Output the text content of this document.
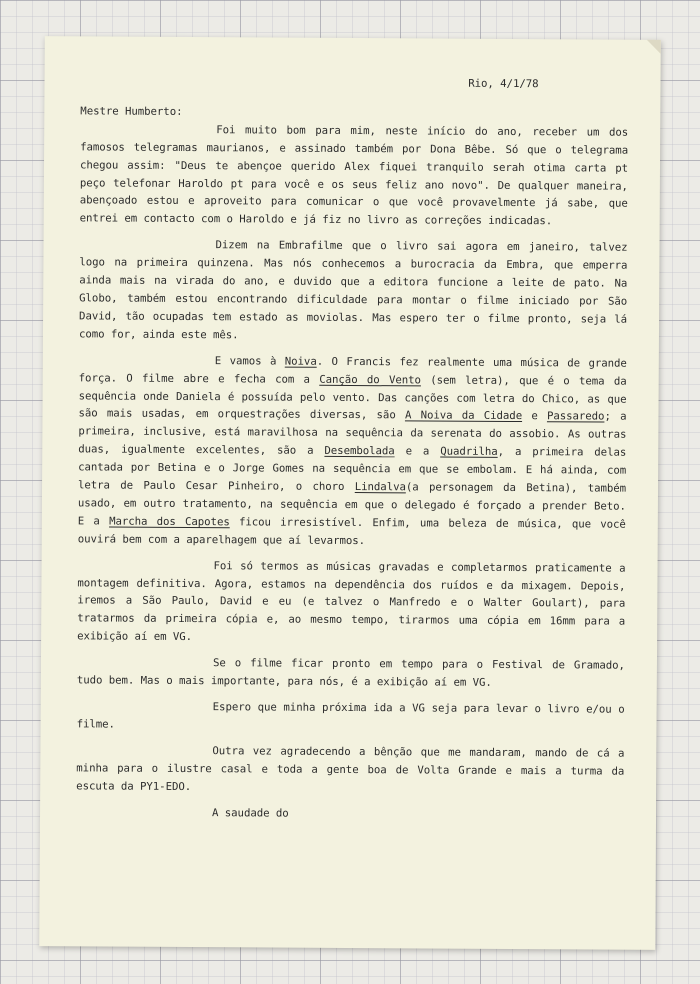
Rio, 4/1/78
Mestre Humberto:

Foi muito bom para mim, neste início do ano, receber um dos famosos telegramas maurianos, e assinado também por Dona Bêbe. Só que o telegrama chegou assim: "Deus te abençoe querido Alex fiquei tranquilo serah otima carta pt peço telefonar Haroldo pt para você e os seus feliz ano novo". De qualquer maneira, abençoado estou e aproveito para comunicar o que você provavelmente já sabe, que entrei em contacto com o Haroldo e já fiz no livro as correções indicadas.

Dizem na Embrafilme que o livro sai agora em janeiro, talvez logo na primeira quinzena. Mas nós conhecemos a burocracia da Embra, que emperra ainda mais na virada do ano, e duvido que a editora funcione a leite de pato. Na Globo, também estou encontrando dificuldade para montar o filme iniciado por São David, tão ocupadas tem estado as moviolas. Mas espero ter o filme pronto, seja lá como for, ainda este mês.

E vamos à Noiva. O Francis fez realmente uma música de grande força. O filme abre e fecha com a Canção do Vento (sem letra), que é o tema da sequência onde Daniela é possuída pelo vento. Das canções com letra do Chico, as que são mais usadas, em orquestrações diversas, são A Noiva da Cidade e Passaredo; a primeira, inclusive, está maravilhosa na sequência da serenata do assobio. As outras duas, igualmente excelentes, são a Desembolada e a Quadrilha, a primeira delas cantada por Betina e o Jorge Gomes na sequência em que se embolam. E há ainda, com letra de Paulo Cesar Pinheiro, o choro Lindalva(a personagem da Betina), também usado, em outro tratamento, na sequência em que o delegado é forçado a prender Beto. E a Marcha dos Capotes ficou irresistível. Enfim, uma beleza de música, que você ouvirá bem com a aparelhagem que aí levarmos.

Foi só termos as músicas gravadas e completarmos praticamente a montagem definitiva. Agora, estamos na dependência dos ruídos e da mixagem. Depois, iremos a São Paulo, David e eu (e talvez o Manfredo e o Walter Goulart), para tratarmos da primeira cópia e, ao mesmo tempo, tirarmos uma cópia em 16mm para a exibição aí em VG.

Se o filme ficar pronto em tempo para o Festival de Gramado, tudo bem. Mas o mais importante, para nós, é a exibição aí em VG.

Espero que minha próxima ida a VG seja para levar o livro e/ou o filme.

Outra vez agradecendo a bênção que me mandaram, mando de cá a minha para o ilustre casal e toda a gente boa de Volta Grande e mais a turma da escuta da PY1-EDO.

A saudade do
